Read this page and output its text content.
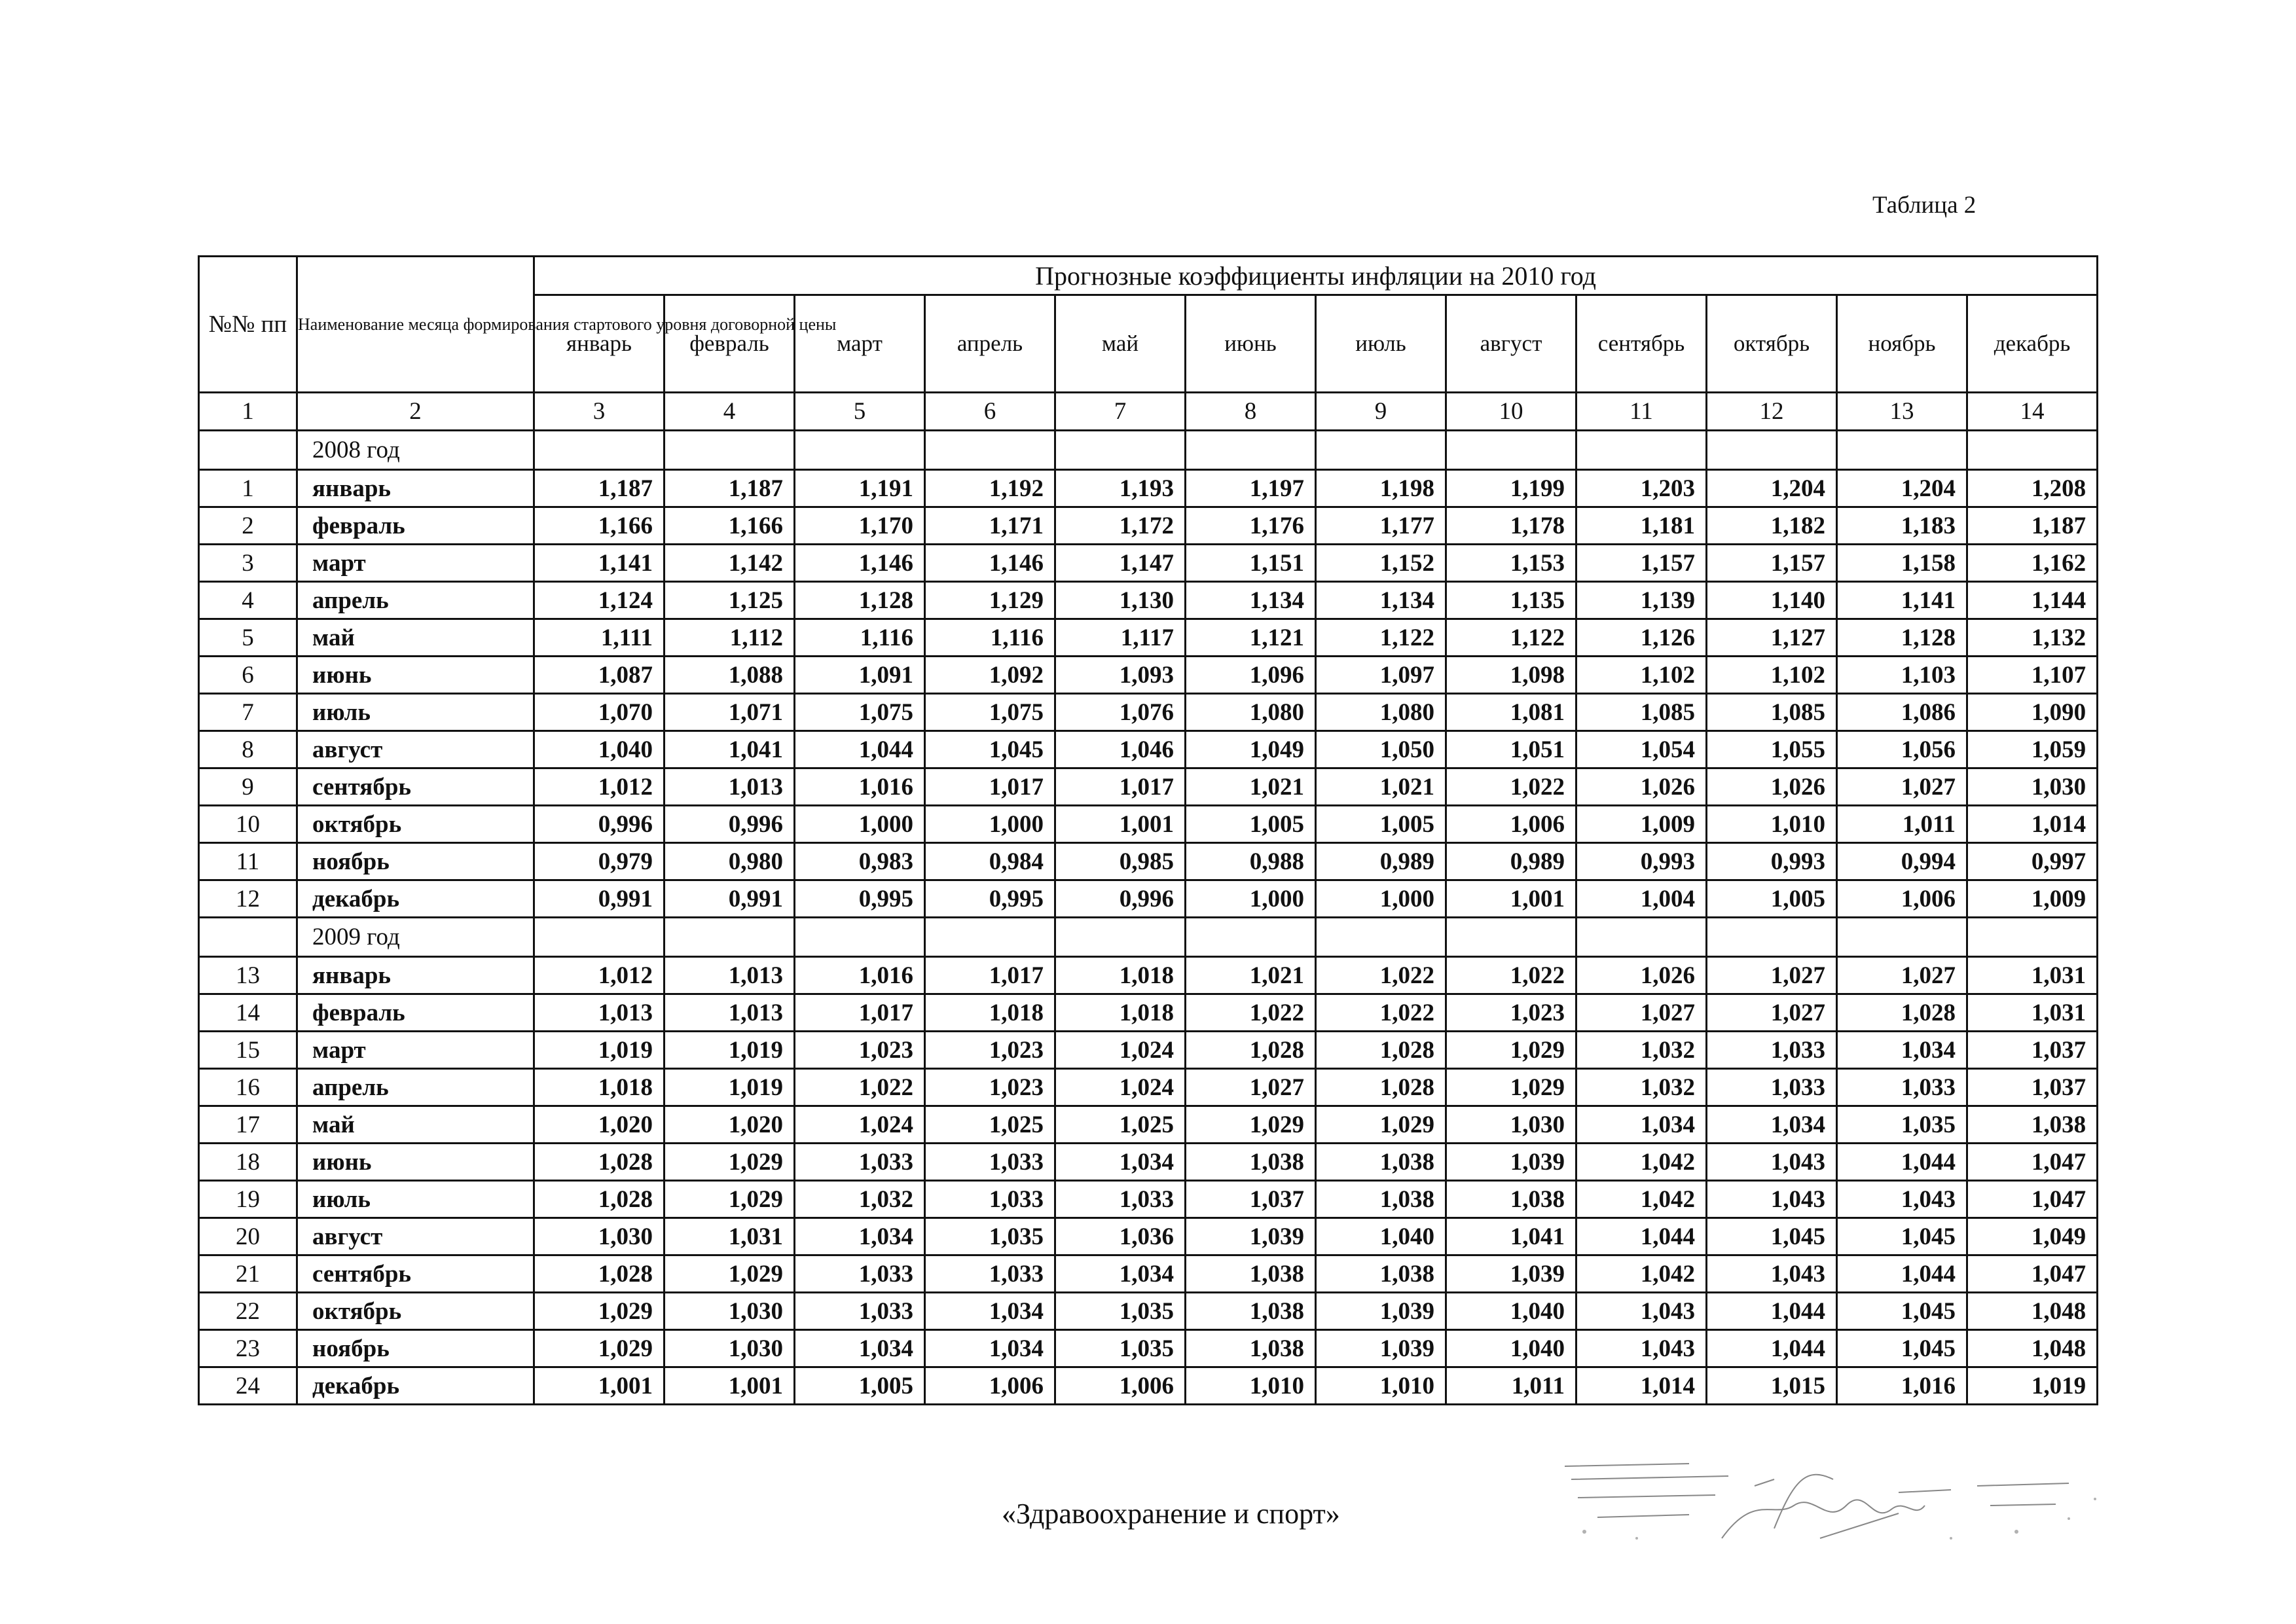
Таблица 2
№№ пп	Наименование месяца формирования стартового уровня договорной цены	Прогнозные коэффициенты инфляции на 2010 год											
		январь	февраль	март	апрель	май	июнь	июль	август	сентябрь	октябрь	ноябрь	декабрь
1	2	3	4	5	6	7	8	9	10	11	12	13	14
	2008 год												
1	январь	1,187	1,187	1,191	1,192	1,193	1,197	1,198	1,199	1,203	1,204	1,204	1,208
2	февраль	1,166	1,166	1,170	1,171	1,172	1,176	1,177	1,178	1,181	1,182	1,183	1,187
3	март	1,141	1,142	1,146	1,146	1,147	1,151	1,152	1,153	1,157	1,157	1,158	1,162
4	апрель	1,124	1,125	1,128	1,129	1,130	1,134	1,134	1,135	1,139	1,140	1,141	1,144
5	май	1,111	1,112	1,116	1,116	1,117	1,121	1,122	1,122	1,126	1,127	1,128	1,132
6	июнь	1,087	1,088	1,091	1,092	1,093	1,096	1,097	1,098	1,102	1,102	1,103	1,107
7	июль	1,070	1,071	1,075	1,075	1,076	1,080	1,080	1,081	1,085	1,085	1,086	1,090
8	август	1,040	1,041	1,044	1,045	1,046	1,049	1,050	1,051	1,054	1,055	1,056	1,059
9	сентябрь	1,012	1,013	1,016	1,017	1,017	1,021	1,021	1,022	1,026	1,026	1,027	1,030
10	октябрь	0,996	0,996	1,000	1,000	1,001	1,005	1,005	1,006	1,009	1,010	1,011	1,014
11	ноябрь	0,979	0,980	0,983	0,984	0,985	0,988	0,989	0,989	0,993	0,993	0,994	0,997
12	декабрь	0,991	0,991	0,995	0,995	0,996	1,000	1,000	1,001	1,004	1,005	1,006	1,009
	2009 год												
13	январь	1,012	1,013	1,016	1,017	1,018	1,021	1,022	1,022	1,026	1,027	1,027	1,031
14	февраль	1,013	1,013	1,017	1,018	1,018	1,022	1,022	1,023	1,027	1,027	1,028	1,031
15	март	1,019	1,019	1,023	1,023	1,024	1,028	1,028	1,029	1,032	1,033	1,034	1,037
16	апрель	1,018	1,019	1,022	1,023	1,024	1,027	1,028	1,029	1,032	1,033	1,033	1,037
17	май	1,020	1,020	1,024	1,025	1,025	1,029	1,029	1,030	1,034	1,034	1,035	1,038
18	июнь	1,028	1,029	1,033	1,033	1,034	1,038	1,038	1,039	1,042	1,043	1,044	1,047
19	июль	1,028	1,029	1,032	1,033	1,033	1,037	1,038	1,038	1,042	1,043	1,043	1,047
20	август	1,030	1,031	1,034	1,035	1,036	1,039	1,040	1,041	1,044	1,045	1,045	1,049
21	сентябрь	1,028	1,029	1,033	1,033	1,034	1,038	1,038	1,039	1,042	1,043	1,044	1,047
22	октябрь	1,029	1,030	1,033	1,034	1,035	1,038	1,039	1,040	1,043	1,044	1,045	1,048
23	ноябрь	1,029	1,030	1,034	1,034	1,035	1,038	1,039	1,040	1,043	1,044	1,045	1,048
24	декабрь	1,001	1,001	1,005	1,006	1,006	1,010	1,010	1,011	1,014	1,015	1,016	1,019
«Здравоохранение и спорт»
